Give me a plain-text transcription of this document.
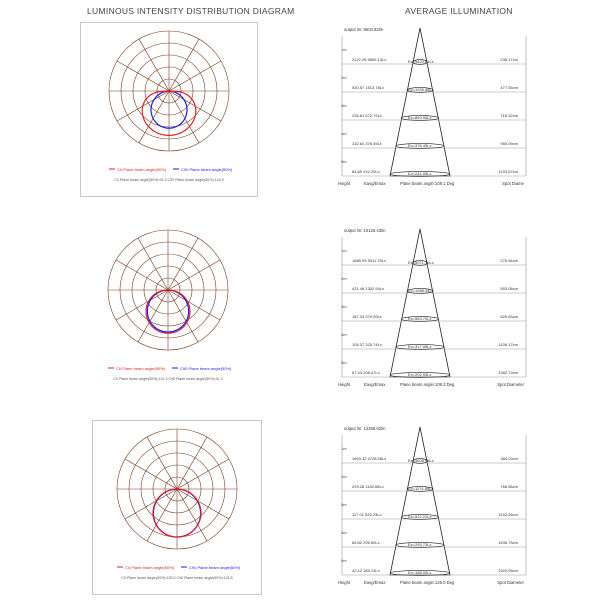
LUMINOUS INTENSITY DISTRIBUTION DIAGRAM	AVERAGE ILLUMINATION
C0 Plane beam angle(50%)	C90 Plane beam angle(50%)
C0 Plane beam angle(50%):91.3 C90 Plane beam angle(50%):124.9
C0 Plane beam angle(50%)	C90 Plane beam angle(50%)
C0 Plane beam angle(50%):131.3 C90 Plane beam angle(50%):91.3
C0 Plane beam angle(50%)	C90 Plane beam angle(50%)
C0 Plane beam angle(50%):135.0 C90 Plane beam angle(50%):121.5
output lm: 9503.92lm
1m
2122.28 9655.13Lx	Ec=9820.81Lx	238.17cm
2m
530.57 1513.78Lx	Ec=1935.58Lx	477.55cm
3m
235.81 672.79Lx	Ec=859.90Lx	716.32cm
4m
132.64 378.45Lx	Ec=376.45Lx	955.09cm
5m
84.89 242.20Lx	Ec=241.05Lx	1193.87cm
Height	Eavg/Emax	Plane beam angle:108.1 Deg	Spot Diame
output lm: 10126.43lm
1m
1685.93 5311.78Lx	Ec=5071.10Lx	276.54cm
2m
421.48 1302.94Lx	Ec=1268.34Lx	553.08cm
3m
187.33 579.09Lx	Ec=563.70Lx	829.63cm
4m
105.37 325.74Lx	Ec=317.08Lx	1106.17cm
5m
67.44 208.47Lx	Ec=202.93Lx	1382.72cm
Height	Eavg/Emax	Plane beam angle:108.3 Deg	Spot Diameter
output lm: 12258.92lm
1m
1693.12 4728.08Lx	Ec=4608.98Lx	384.29cm
2m
293.28 1182.68Lx	Ec=1174.89Lx	768.58cm
3m
117.01 525.23Lx	Ec=522.22Lx	1152.56cm
4m
65.82 295.50Lx	Ec=293.73Lx	1536.75cm
5m
42.12 189.13Lx	Ec=188.00Lx	1920.95cm
Height	Eavg/Emax	Plane beam angle:125.0 Deg	Spot Diameter
